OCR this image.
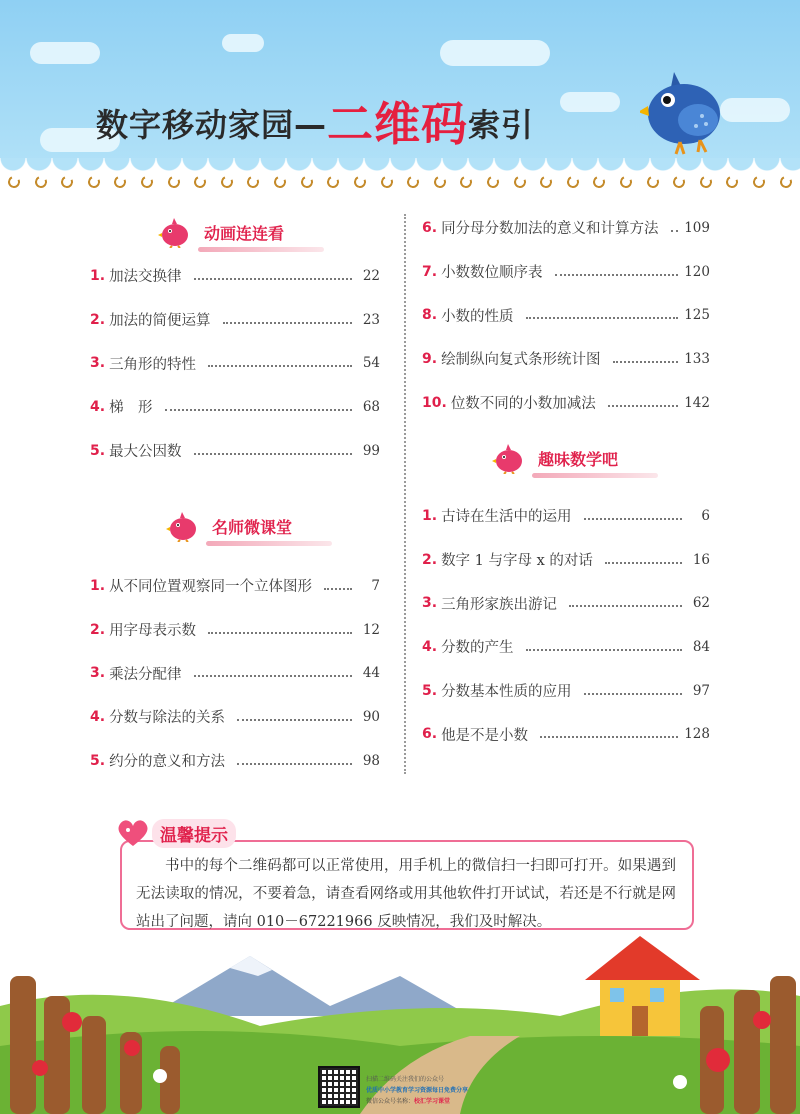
数字移动家园—二维码索引
动画连连看
1. 加法交换律	22
2. 加法的简便运算	23
3. 三角形的特性	54
4. 梯　形	68
5. 最大公因数	99
名师微课堂
1. 从不同位置观察同一个立体图形	7
2. 用字母表示数	12
3. 乘法分配律	44
4. 分数与除法的关系	90
5. 约分的意义和方法	98
6. 同分母分数加法的意义和计算方法 109
7. 小数数位顺序表	120
8. 小数的性质	125
9. 绘制纵向复式条形统计图	133
10. 位数不同的小数加减法	142
趣味数学吧
1. 古诗在生活中的运用	6
2. 数字 1 与字母 x 的对话	16
3. 三角形家族出游记	62
4. 分数的产生	84
5. 分数基本性质的应用	97
6. 他是不是小数	128

书中的每个二维码都可以正常使用，用手机上的微信扫一扫即可打开。如果遇到无法读取的情况，不要着急，请查看网络或用其他软件打开试试，若还是不行就是网站出了问题，请向 010－67221966 反映情况，我们及时解决。

温馨提示
扫描二维码关注我们的公众号
优质中小学教育学习资源每日免费分享
微信公众号名称：校汇学习课堂
